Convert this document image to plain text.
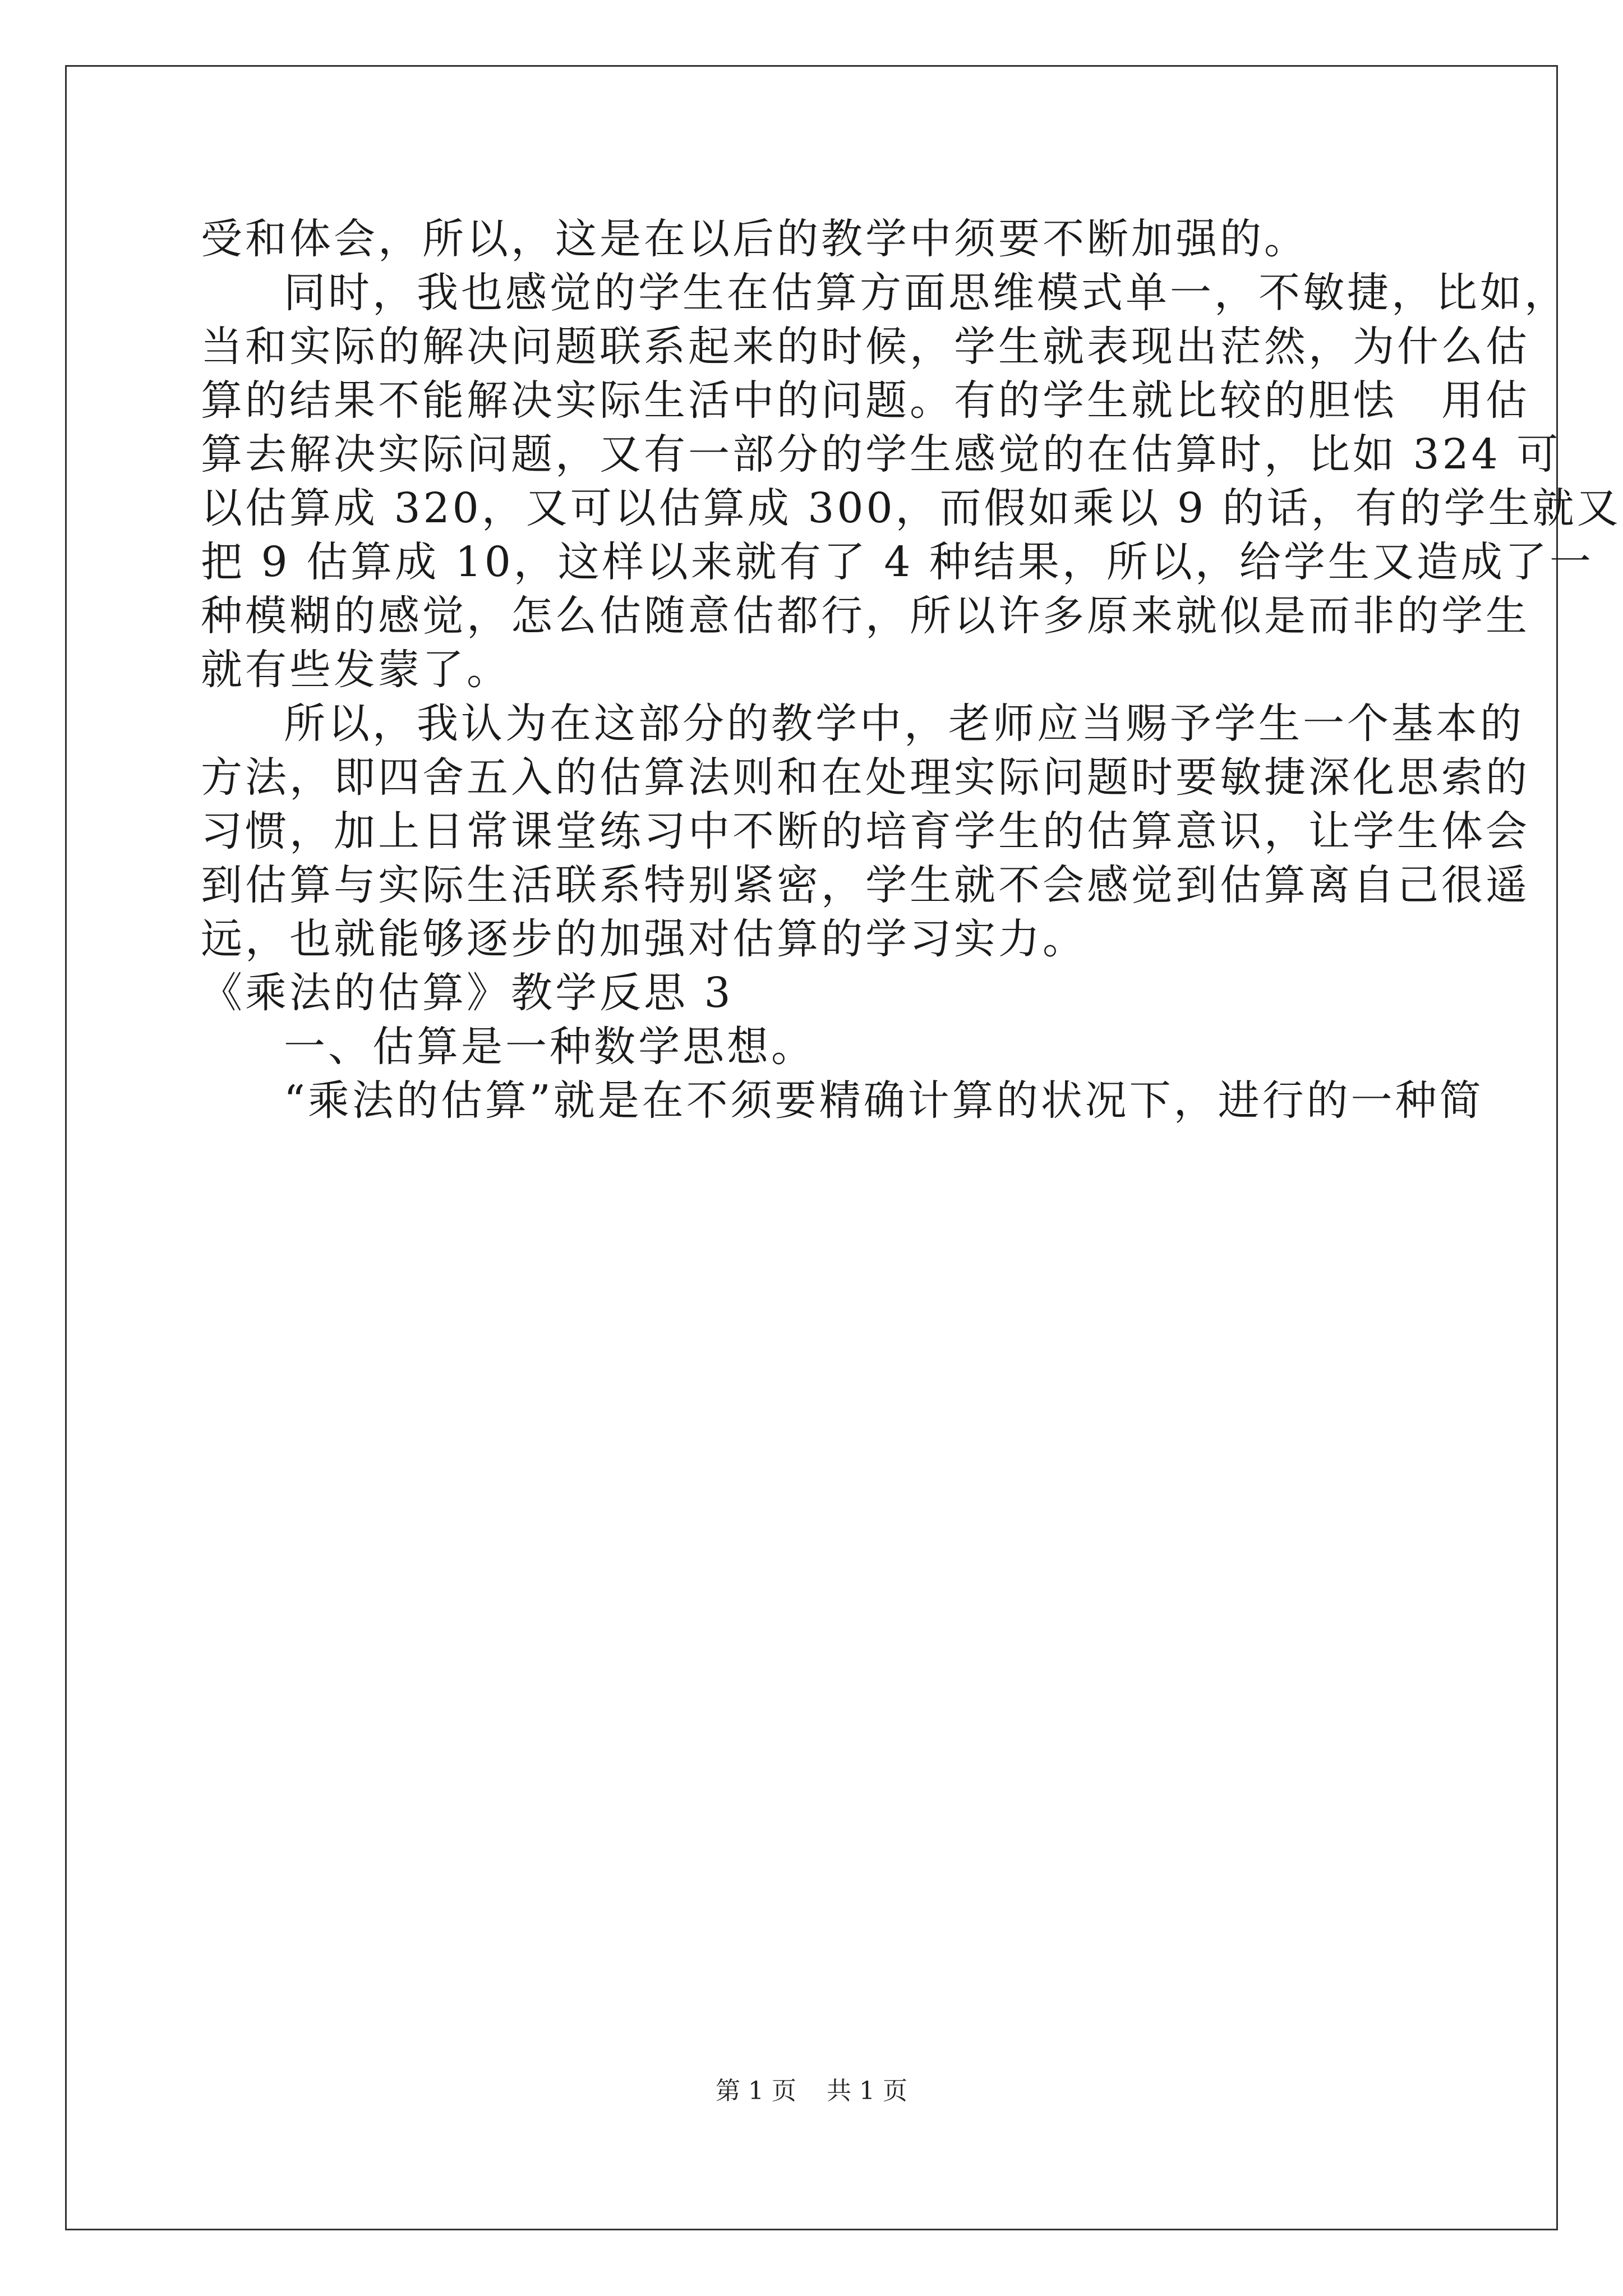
受和体会，所以，这是在以后的教学中须要不断加强的。

同时，我也感觉的学生在估算方面思维模式单一，不敏捷，比如，

当和实际的解决问题联系起来的时候，学生就表现出茫然，为什么估

算的结果不能解决实际生活中的问题。有的学生就比较的胆怯　用估

算去解决实际问题，又有一部分的学生感觉的在估算时，比如 324 可

以估算成 320，又可以估算成 300，而假如乘以 9 的话，有的学生就又

把 9 估算成 10，这样以来就有了 4 种结果，所以，给学生又造成了一

种模糊的感觉，怎么估随意估都行，所以许多原来就似是而非的学生

就有些发蒙了。

所以，我认为在这部分的教学中，老师应当赐予学生一个基本的

方法，即四舍五入的估算法则和在处理实际问题时要敏捷深化思索的

习惯，加上日常课堂练习中不断的培育学生的估算意识，让学生体会

到估算与实际生活联系特别紧密，学生就不会感觉到估算离自己很遥

远，也就能够逐步的加强对估算的学习实力。

《乘法的估算》教学反思 3

一、估算是一种数学思想。

“乘法的估算”就是在不须要精确计算的状况下，进行的一种简

第 1 页 共 1 页
